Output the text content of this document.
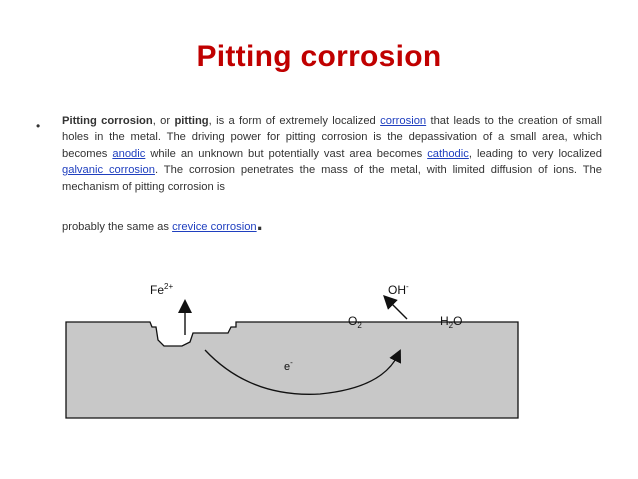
Pitting corrosion
• Pitting corrosion, or pitting, is a form of extremely localized corrosion that leads to the creation of small holes in the metal. The driving power for pitting corrosion is the depassivation of a small area, which becomes anodic while an unknown but potentially vast area becomes cathodic, leading to very localized galvanic corrosion. The corrosion penetrates the mass of the metal, with limited diffusion of ions. The mechanism of pitting corrosion is

probably the same as crevice corrosion.
$Fe^{2+}$	OH-
$O_2$	$H_2O$
e-
